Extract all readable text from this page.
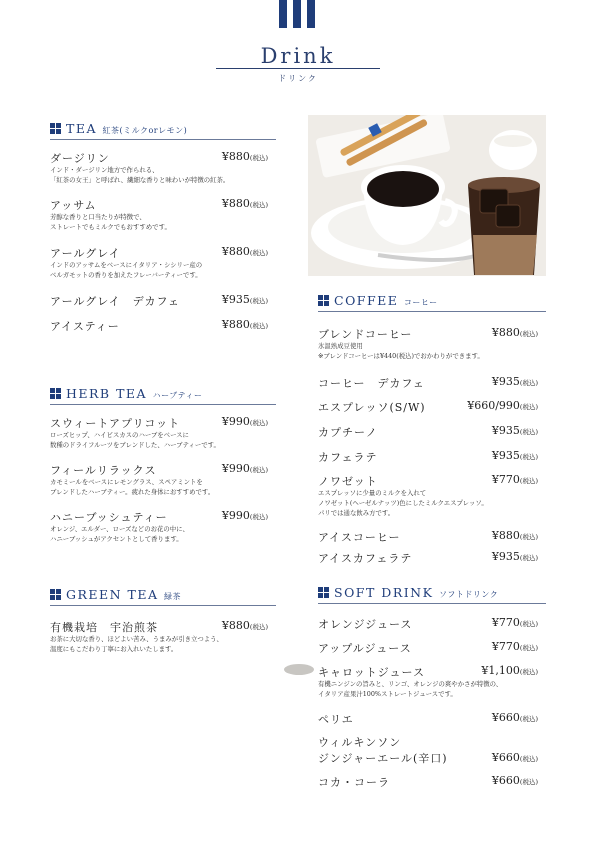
Drink
ドリンク
TEA 紅茶(ミルクorレモン)
ダージリン	¥880(税込)
インド・ダージリン地方で作られる、
「紅茶の女王」と呼ばれ、繊細な香りと味わいが特徴の紅茶。
アッサム	¥880(税込)
芳醇な香りと口当たりが特徴で、
ストレートでもミルクでもおすすめです。
アールグレイ	¥880(税込)
インドのアッサムをベースにイタリア・シシリー産の
ベルガモットの香りを加えたフレーバーティーです。
アールグレイ　デカフェ	¥935(税込)
アイスティー	¥880(税込)
HERB TEA ハーブティー
スウィートアプリコット	¥990(税込)
ローズヒップ、ハイビスカスのハーブをベースに
数種のドライフルーツをブレンドした、ハーブティーです。
フィールリラックス	¥990(税込)
カモミールをベースにレモングラス、スペアミントを
ブレンドしたハーブティー。疲れた身体におすすめです。
ハニーブッシュティー	¥990(税込)
オレンジ、エルダー、ローズなどのお花の中に、
ハニーブッシュがアクセントとして香ります。
GREEN TEA 緑茶
有機栽培　宇治煎茶	¥880(税込)
お茶に大切な香り、ほどよい苦み、うまみが引き立つよう、
温度にもこだわり丁寧にお入れいたします。
COFFEE コーヒー
ブレンドコーヒー	¥880(税込)
氷温熟成豆使用
※ブレンドコーヒーは¥440(税込)でおかわりができます。
コーヒー　デカフェ	¥935(税込)
エスプレッソ(S/W)	¥660/990(税込)
カプチーノ	¥935(税込)
カフェラテ	¥935(税込)
ノワゼット	¥770(税込)
エスプレッソに少量のミルクを入れて
ノワゼット(ヘーゼルナッツ)色にしたミルクエスプレッソ。
パリでは通な飲み方です。
アイスコーヒー	¥880(税込)
アイスカフェラテ	¥935(税込)
SOFT DRINK ソフトドリンク
オレンジジュース	¥770(税込)
アップルジュース	¥770(税込)
キャロットジュース	¥1,100(税込)
有機ニンジンの旨みと、リンゴ、オレンジの爽やかさが特徴の、
イタリア産果汁100%ストレートジュースです。
ペリエ	¥660(税込)
ウィルキンソン
ジンジャーエール(辛口)	¥660(税込)
コカ・コーラ	¥660(税込)
